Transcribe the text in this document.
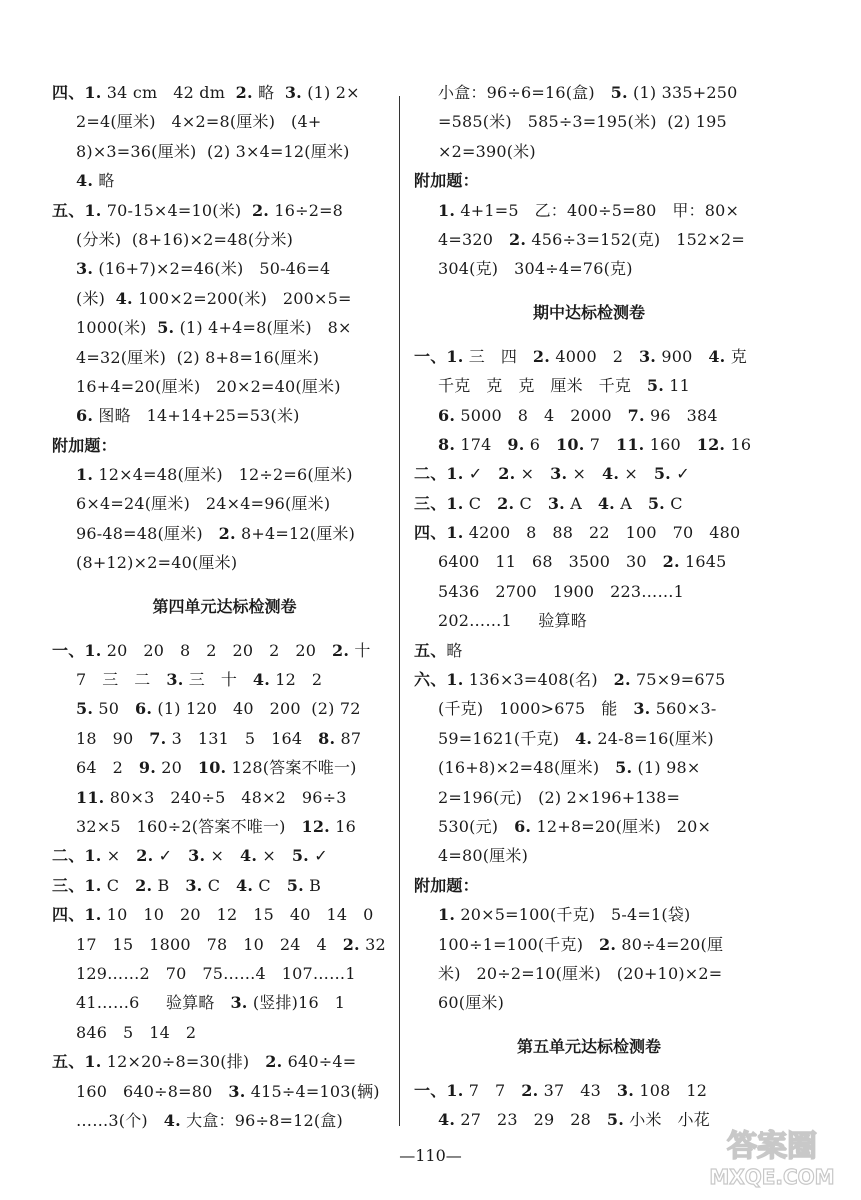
四、1. 34 cm   42 dm  2. 略  3. (1) 2×
2=4(厘米)   4×2=8(厘米)   (4+
8)×3=36(厘米)  (2) 3×4=12(厘米)
4. 略
五、1. 70-15×4=10(米)  2. 16÷2=8
(分米)  (8+16)×2=48(分米)
3. (16+7)×2=46(米)   50-46=4
(米)  4. 100×2=200(米)   200×5=
1000(米)  5. (1) 4+4=8(厘米)   8×
4=32(厘米)  (2) 8+8=16(厘米)
16+4=20(厘米)   20×2=40(厘米)
6. 图略   14+14+25=53(米)
附加题：
1. 12×4=48(厘米)   12÷2=6(厘米)
6×4=24(厘米)   24×4=96(厘米)
96-48=48(厘米)   2. 8+4=12(厘米)
(8+12)×2=40(厘米)
第四单元达标检测卷
一、1. 20   20   8   2   20   2   20   2. 十
7   三   二   3. 三   十   4. 12   2
5. 50   6. (1) 120   40   200  (2) 72
18   90   7. 3   131   5   164   8. 87
64   2   9. 20   10. 128(答案不唯一)
11. 80×3   240÷5   48×2   96÷3
32×5   160÷2(答案不唯一)   12. 16
二、1. ×   2. ✓   3. ×   4. ×   5. ✓
三、1. C   2. B   3. C   4. C   5. B
四、1. 10   10   20   12   15   40   14   0
17   15   1800   78   10   24   4   2. 32
129……2   70   75……4   107……1
41……6     验算略   3. (竖排)16   1
846   5   14   2
五、1. 12×20÷8=30(排)   2. 640÷4=
160   640÷8=80   3. 415÷4=103(辆)
……3(个)   4. 大盒：96÷8=12(盒)
小盒：96÷6=16(盒)   5. (1) 335+250
=585(米)   585÷3=195(米)  (2) 195
×2=390(米)
附加题：
1. 4+1=5   乙：400÷5=80   甲：80×
4=320   2. 456÷3=152(克)   152×2=
304(克)   304÷4=76(克)
期中达标检测卷
一、1. 三   四   2. 4000   2   3. 900   4. 克
千克   克   克   厘米   千克   5. 11
6. 5000   8   4   2000   7. 96   384
8. 174   9. 6   10. 7   11. 160   12. 16
二、1. ✓   2. ×   3. ×   4. ×   5. ✓
三、1. C   2. C   3. A   4. A   5. C
四、1. 4200   8   88   22   100   70   480
6400   11   68   3500   30   2. 1645
5436   2700   1900   223……1
202……1     验算略
五、略
六、1. 136×3=408(名)   2. 75×9=675
(千克)   1000>675   能   3. 560×3-
59=1621(千克)   4. 24-8=16(厘米)
(16+8)×2=48(厘米)   5. (1) 98×
2=196(元)   (2) 2×196+138=
530(元)   6. 12+8=20(厘米)   20×
4=80(厘米)
附加题：
1. 20×5=100(千克)   5-4=1(袋)
100÷1=100(千克)   2. 80÷4=20(厘
米)   20÷2=10(厘米)   (20+10)×2=
60(厘米)
第五单元达标检测卷
一、1. 7   7   2. 37   43   3. 108   12
4. 27   23   29   28   5. 小米   小花
—110—	答案圈
MXQE.COM
